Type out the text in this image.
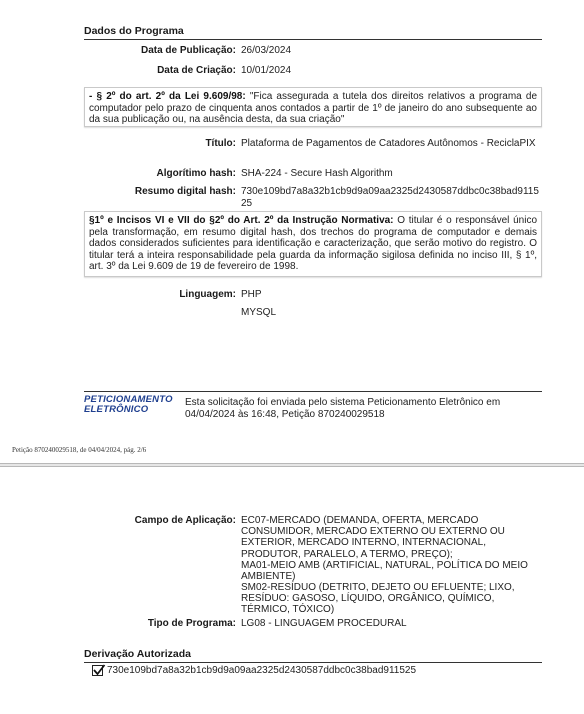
Dados do Programa
Data de Publicação: 26/03/2024
Data de Criação: 10/01/2024
- § 2º do art. 2º da Lei 9.609/98: "Fica assegurada a tutela dos direitos relativos a programa de computador pelo prazo de cinquenta anos contados a partir de 1º de janeiro do ano subsequente ao da sua publicação ou, na ausência desta, da sua criação"
Título: Plataforma de Pagamentos de Catadores Autônomos - ReciclaPIX
Algorítimo hash: SHA-224 - Secure Hash Algorithm
Resumo digital hash: 730e109bd7a8a32b1cb9d9a09aa2325d2430587ddbc0c38bad911525
§1º e Incisos VI e VII do §2º do Art. 2º da Instrução Normativa: O titular é o responsável único pela transformação, em resumo digital hash, dos trechos do programa de computador e demais dados considerados suficientes para identificação e caracterização, que serão motivo do registro. O titular terá a inteira responsabilidade pela guarda da informação sigilosa definida no inciso III, § 1º, art. 3º da Lei 9.609 de 19 de fevereiro de 1998.
Linguagem: PHP
MYSQL
PETICIONAMENTO
ELETRÔNICO
Esta solicitação foi enviada pelo sistema Peticionamento Eletrônico em 04/04/2024 às 16:48, Petição 870240029518
Petição 870240029518, de 04/04/2024, pág. 2/6
Campo de Aplicação: EC07-MERCADO (DEMANDA, OFERTA, MERCADO CONSUMIDOR, MERCADO EXTERNO OU EXTERNO OU EXTERIOR, MERCADO INTERNO, INTERNACIONAL, PRODUTOR, PARALELO, A TERMO, PREÇO);
MA01-MEIO AMB (ARTIFICIAL, NATURAL, POLÍTICA DO MEIO AMBIENTE)
SM02-RESÍDUO (DETRITO, DEJETO OU EFLUENTE; LIXO, RESÍDUO: GASOSO, LÍQUIDO, ORGÂNICO, QUÍMICO, TÉRMICO, TÓXICO)
Tipo de Programa: LG08 - LINGUAGEM PROCEDURAL
Derivação Autorizada
730e109bd7a8a32b1cb9d9a09aa2325d2430587ddbc0c38bad911525
